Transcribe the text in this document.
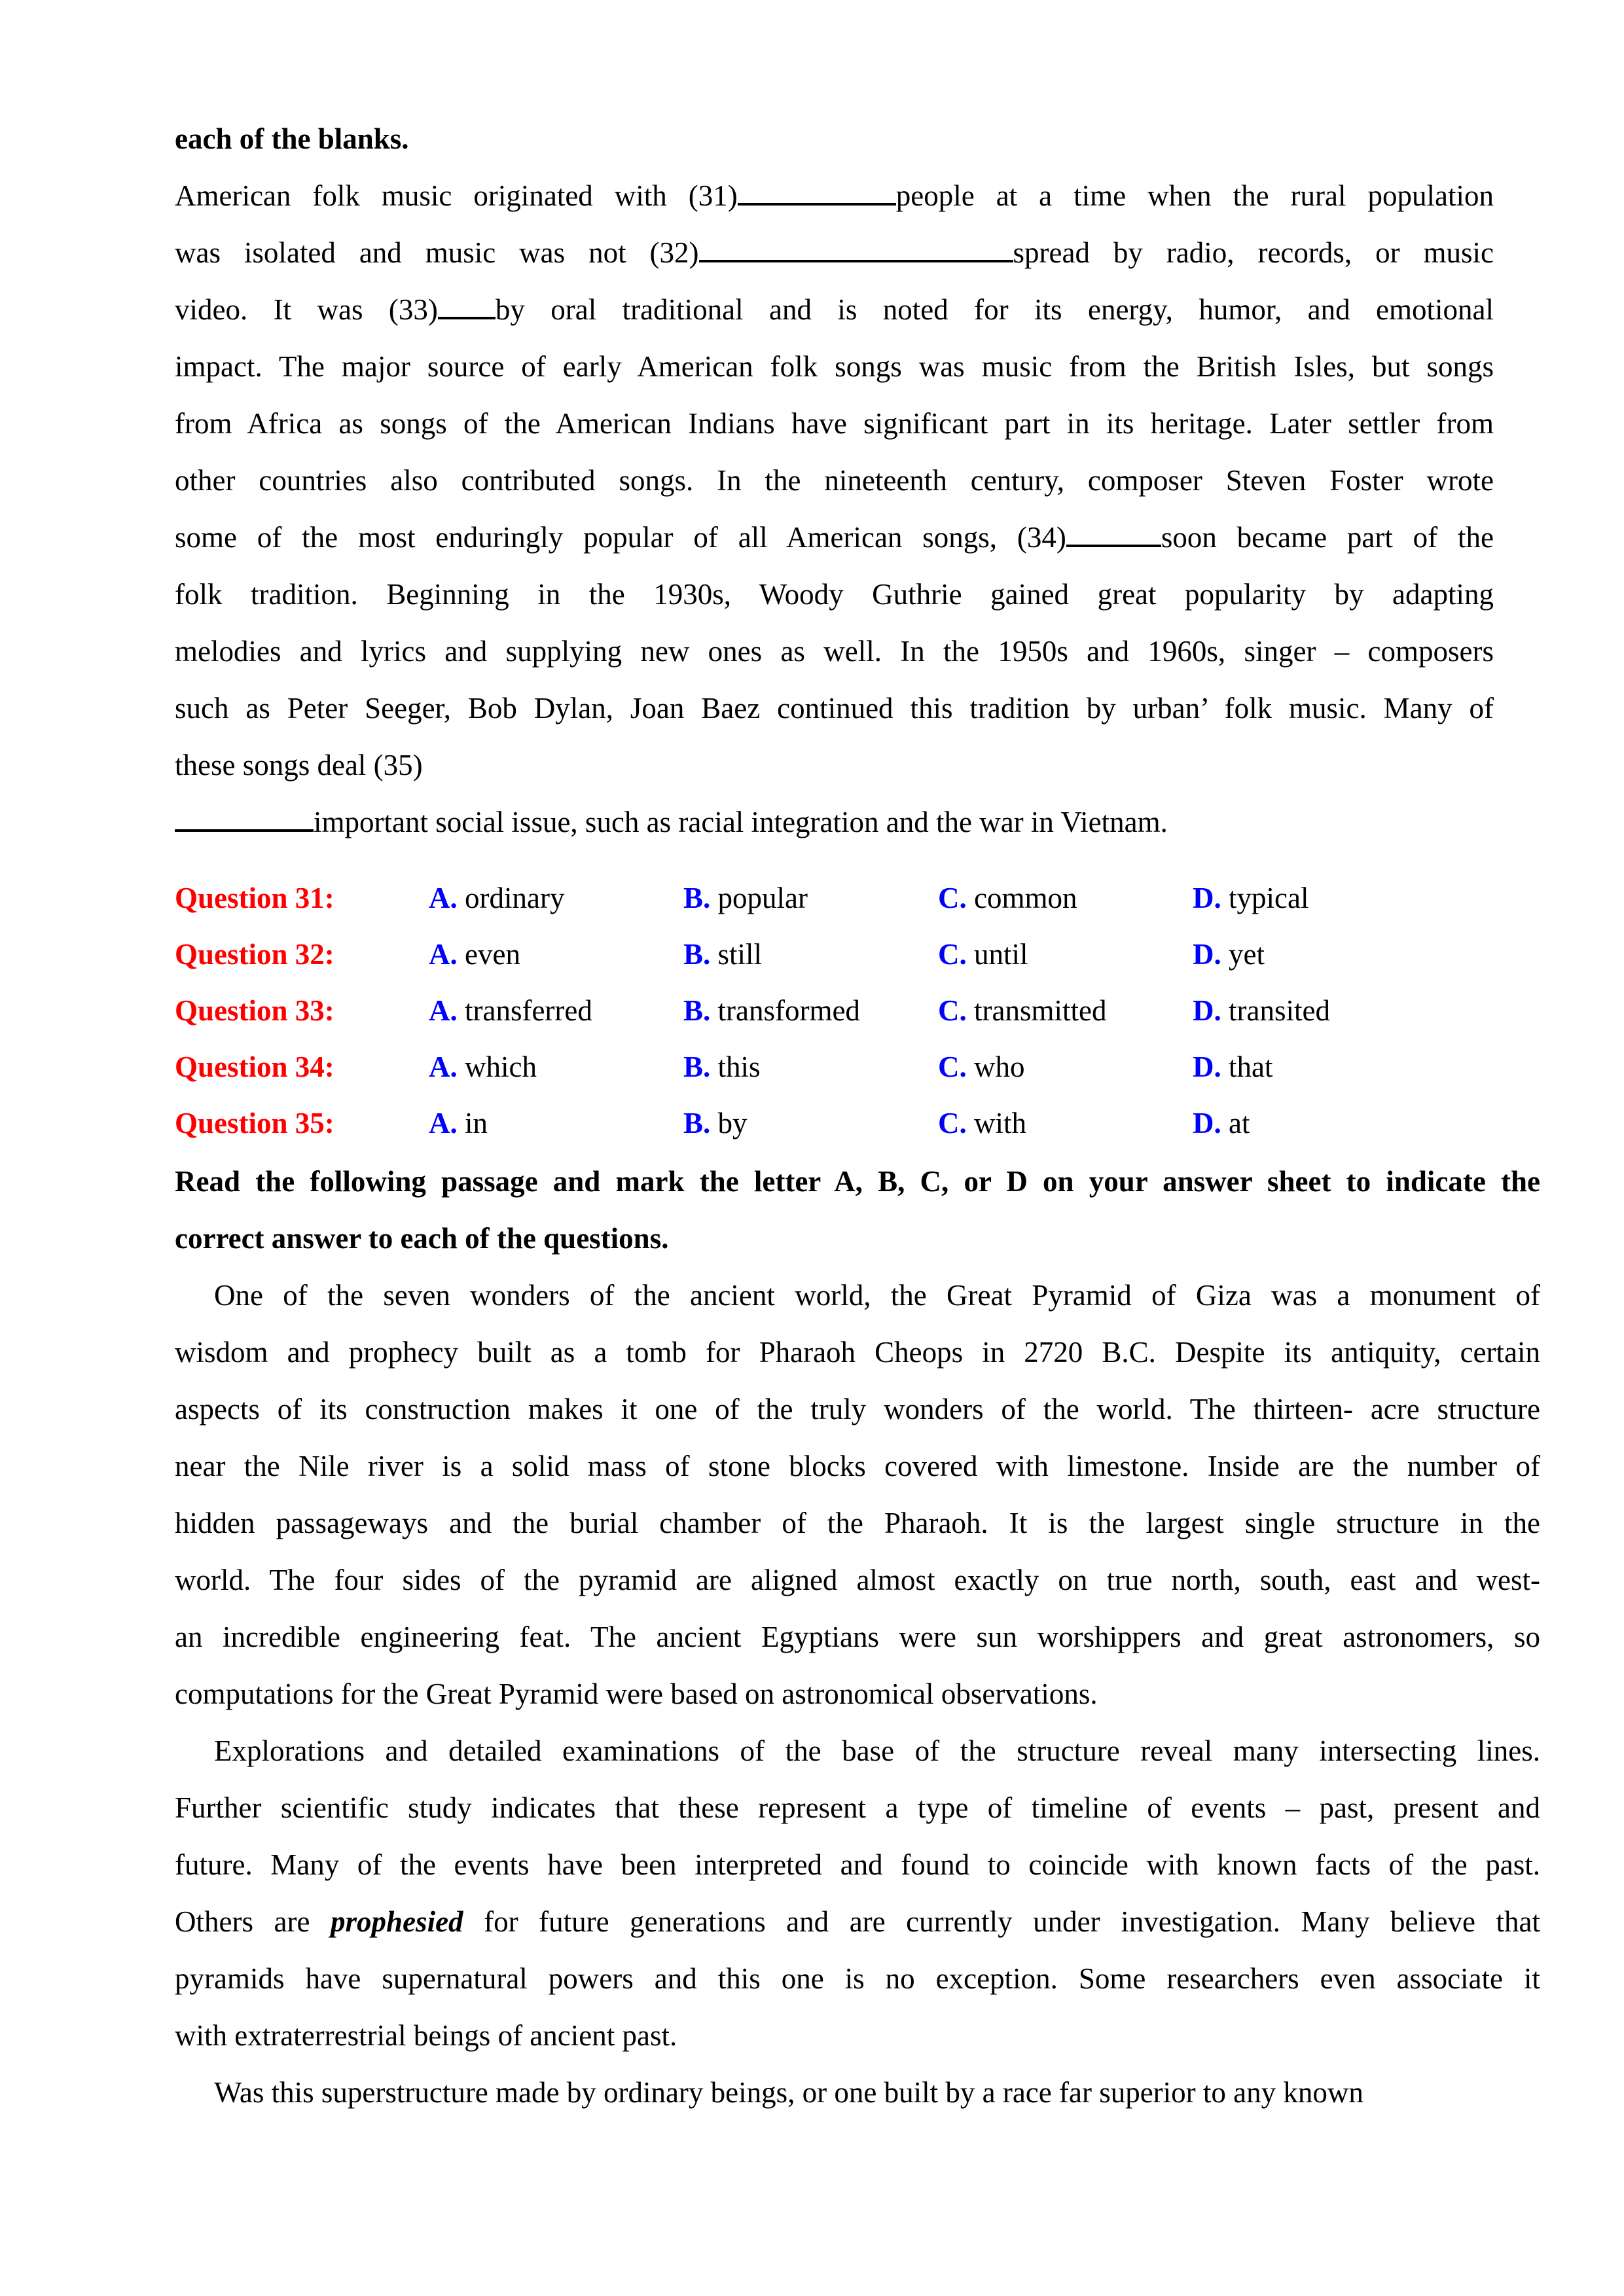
each of the blanks.
American folk music originated with (31)	people at a time when the rural population
was isolated and music was not (32)	spread by radio, records, or music
video. It was (33) by oral traditional and is noted for its energy, humor, and emotional
impact. The major source of early American folk songs was music from the British Isles, but songs
from Africa as songs of the American Indians have significant part in its heritage. Later settler from
other countries also contributed songs. In the nineteenth century, composer Steven Foster wrote
some of the most enduringly popular of all American songs, (34)	soon became part of the
folk tradition. Beginning in the 1930s, Woody Guthrie gained great popularity by adapting
melodies and lyrics and supplying new ones as well. In the 1950s and 1960s, singer – composers
such as Peter Seeger, Bob Dylan, Joan Baez continued this tradition by urban’ folk music. Many of
these songs deal (35)
important social issue, such as racial integration and the war in Vietnam.
Question 31:	A. ordinary	B. popular	C. common	D. typical
Question 32:	A. even	B. still	C. until	D. yet
Question 33:	A. transferred	B. transformed	C. transmitted	D. transited
Question 34:	A. which	B. this	C. who	D. that
Question 35:	A. in	B. by	C. with	D. at
Read the following passage and mark the letter A, B, C, or D on your answer sheet to indicate the
correct answer to each of the questions.
One of the seven wonders of the ancient world, the Great Pyramid of Giza was a monument of
wisdom and prophecy built as a tomb for Pharaoh Cheops in 2720 B.C. Despite its antiquity, certain
aspects of its construction makes it one of the truly wonders of the world. The thirteen- acre structure
near the Nile river is a solid mass of stone blocks covered with limestone. Inside are the number of
hidden passageways and the burial chamber of the Pharaoh. It is the largest single structure in the
world. The four sides of the pyramid are aligned almost exactly on true north, south, east and west-
an incredible engineering feat. The ancient Egyptians were sun worshippers and great astronomers, so
computations for the Great Pyramid were based on astronomical observations.
Explorations and detailed examinations of the base of the structure reveal many intersecting lines.
Further scientific study indicates that these represent a type of timeline of events – past, present and
future. Many of the events have been interpreted and found to coincide with known facts of the past.
Others are prophesied for future generations and are currently under investigation. Many believe that
pyramids have supernatural powers and this one is no exception. Some researchers even associate it
with extraterrestrial beings of ancient past.
Was this superstructure made by ordinary beings, or one built by a race far superior to any known
